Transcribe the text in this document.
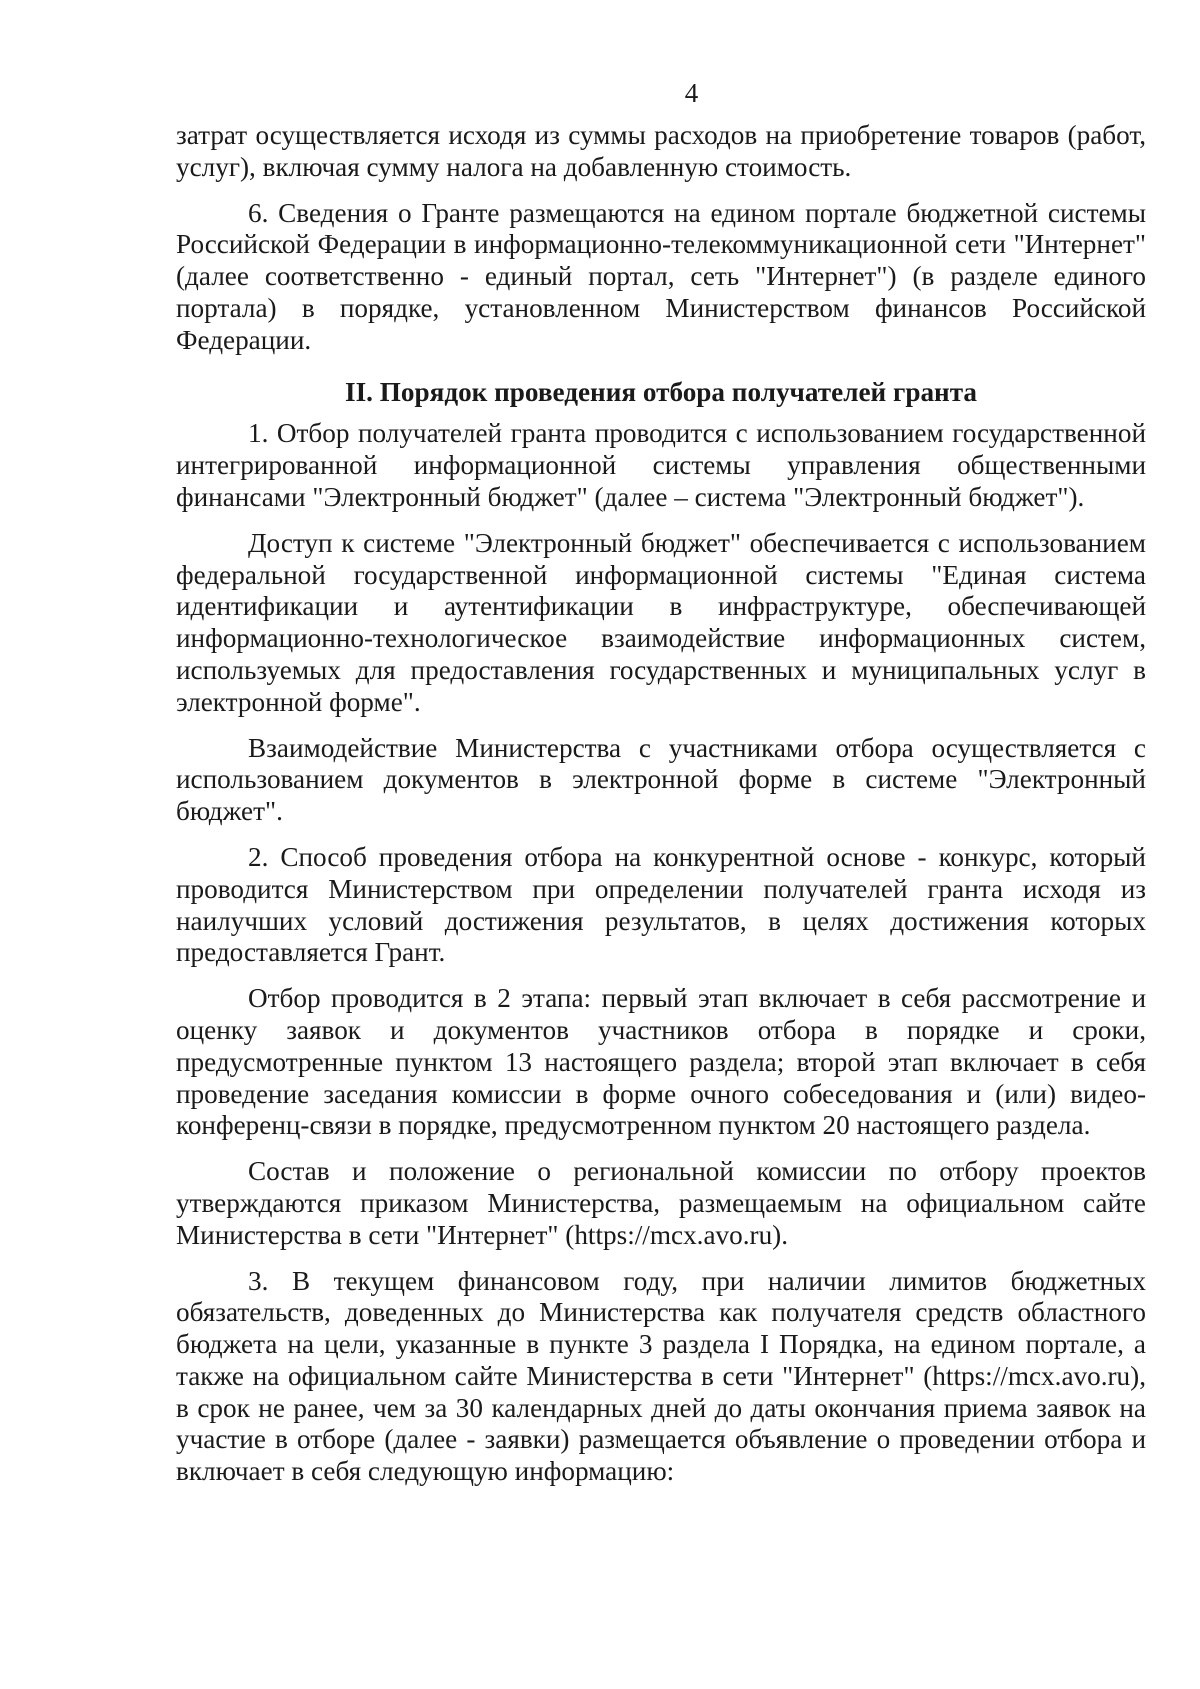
4

затрат осуществляется исходя из суммы расходов на приобретение товаров (работ, услуг), включая сумму налога на добавленную стоимость.

6. Сведения о Гранте размещаются на едином портале бюджетной системы Российской Федерации в информационно-телекоммуникационной сети "Интернет" (далее соответственно - единый портал, сеть "Интернет") (в разделе единого портала) в порядке, установленном Министерством финансов Российской Федерации.

II. Порядок проведения отбора получателей гранта

1. Отбор получателей гранта проводится с использованием государственной интегрированной информационной системы управления общественными финансами "Электронный бюджет" (далее – система "Электронный бюджет").

Доступ к системе "Электронный бюджет" обеспечивается с использованием федеральной государственной информационной системы "Единая система идентификации и аутентификации в инфраструктуре, обеспечивающей информационно-технологическое взаимодействие информационных систем, используемых для предоставления государственных и муниципальных услуг в электронной форме".

Взаимодействие Министерства с участниками отбора осуществляется с использованием документов в электронной форме в системе "Электронный бюджет".

2. Способ проведения отбора на конкурентной основе - конкурс, который проводится Министерством при определении получателей гранта исходя из наилучших условий достижения результатов, в целях достижения которых предоставляется Грант.

Отбор проводится в 2 этапа: первый этап включает в себя рассмотрение и оценку заявок и документов участников отбора в порядке и сроки, предусмотренные пунктом 13 настоящего раздела; второй этап включает в себя проведение заседания комиссии в форме очного собеседования и (или) видео-конференц-связи в порядке, предусмотренном пунктом 20 настоящего раздела.

Состав и положение о региональной комиссии по отбору проектов утверждаются приказом Министерства, размещаемым на официальном сайте Министерства в сети "Интернет" (https://mcx.avo.ru).

3. В текущем финансовом году, при наличии лимитов бюджетных обязательств, доведенных до Министерства как получателя средств областного бюджета на цели, указанные в пункте 3 раздела I Порядка, на едином портале, а также на официальном сайте Министерства в сети "Интернет" (https://mcx.avo.ru), в срок не ранее, чем за 30 календарных дней до даты окончания приема заявок на участие в отборе (далее - заявки) размещается объявление о проведении отбора и включает в себя следующую информацию:
